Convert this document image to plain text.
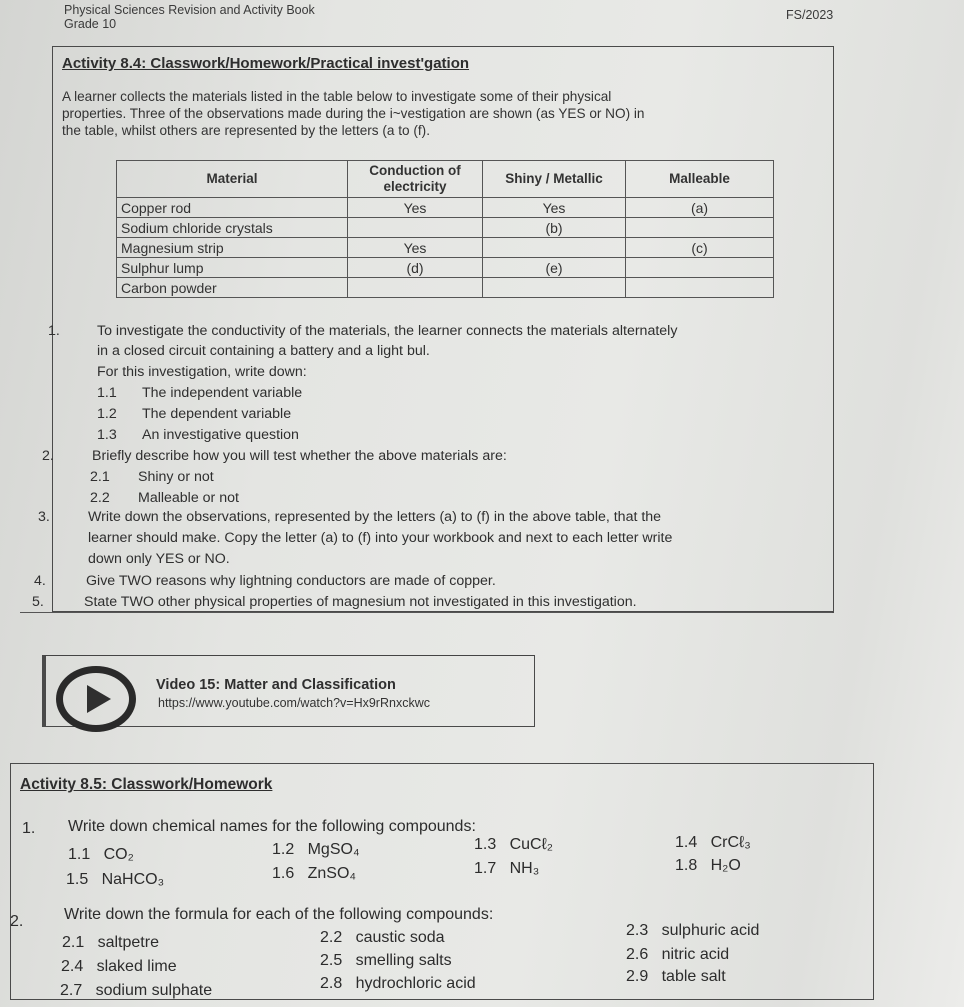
Physical Sciences Revision and Activity Book
Grade 10
FS/2023
Activity 8.4: Classwork/Homework/Practical invest'gation
A learner collects the materials listed in the table below to investigate some of their physical
properties. Three of the observations made during the i~vestigation are shown (as YES or NO) in
the table, whilst others are represented by the letters (a to (f).
Material	Conduction of electricity	Shiny / Metallic	Malleable
Copper rod	Yes	Yes	(a)
Sodium chloride crystals		(b)	
Magnesium strip	Yes		(c)
Sulphur lump	(d)	(e)	
Carbon powder			
1.	To investigate the conductivity of the materials, the learner connects the materials alternately
in a closed circuit containing a battery and a light bul.
For this investigation, write down:
1.1 The independent variable
1.2 The dependent variable
1.3 An investigative question
2.	Briefly describe how you will test whether the above materials are:
2.1 Shiny or not
2.2 Malleable or not
3.	Write down the observations, represented by the letters (a) to (f) in the above table, that the
learner should make. Copy the letter (a) to (f) into your workbook and next to each letter write
down only YES or NO.
4.	Give TWO reasons why lightning conductors are made of copper.
5.	State TWO other physical properties of magnesium not investigated in this investigation.
Video 15: Matter and Classification
https://www.youtube.com/watch?v=Hx9rRnxckwc
Activity 8.5: Classwork/Homework
1. Write down chemical names for the following compounds:
1.1 CO₂	1.2 MgSO₄	1.3 CuCℓ₂	1.4 CrCℓ₃
1.5 NaHCO₃	1.6 ZnSO₄	1.7 NH₃	1.8 H₂O
2.	Write down the formula for each of the following compounds:
2.1 saltpetre	2.2 caustic soda	2.3 sulphuric acid
2.4 slaked lime	2.5 smelling salts	2.6 nitric acid
2.7 sodium sulphate	2.8 hydrochloric acid	2.9 table salt
